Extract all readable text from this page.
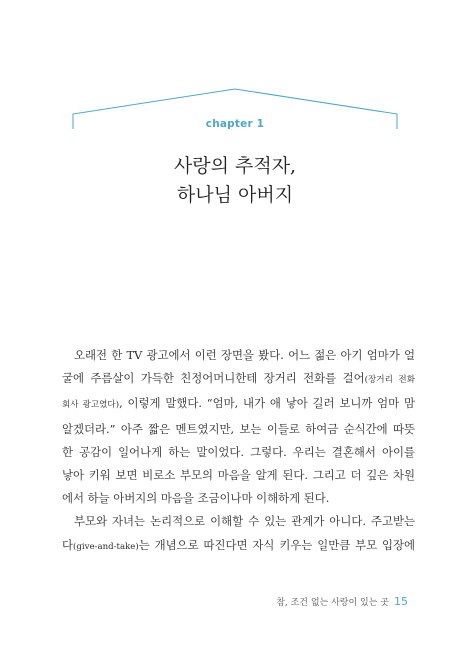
chapter 1
사랑의 추적자,
하나님 아버지

오래전 한 TV 광고에서 이런 장면을 봤다. 어느 젊은 아기 엄마가 얼

굴에 주름살이 가득한 친정어머니한테 장거리 전화를 걸어(장거리 전화

회사 광고였다), 이렇게 말했다. “엄마, 내가 애 낳아 길러 보니까 엄마 맘

알겠더라.” 아주 짧은 멘트였지만, 보는 이들로 하여금 순식간에 따뜻

한 공감이 일어나게 하는 말이었다. 그렇다. 우리는 결혼해서 아이를

낳아 키워 보면 비로소 부모의 마음을 알게 된다. 그리고 더 깊은 차원

에서 하늘 아버지의 마음을 조금이나마 이해하게 된다.

부모와 자녀는 논리적으로 이해할 수 있는 관계가 아니다. 주고받는

다(give-and-take)는 개념으로 따진다면 자식 키우는 일만큼 부모 입장에

참, 조건 없는 사랑이 있는 곳 15
